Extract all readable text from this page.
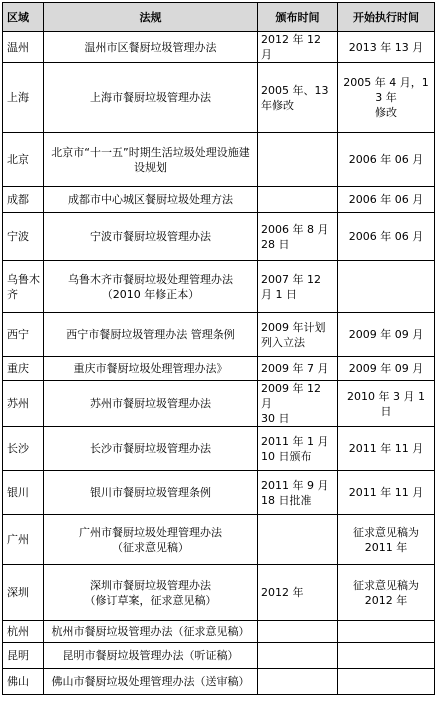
区域	法规	颁布时间	开始执行时间

温州	温州市区餐厨垃圾管理办法	2012 年 12 月	2013 年 13 月

上海	上海市餐厨垃圾管理办法	2005 年、13 年修改	2005 年 4 月，13 年
修改

北京	北京市“十一五”时期生活垃圾处理设施建设规划		2006 年 06 月

成都	成都市中心城区餐厨垃圾处理方法		2006 年 06 月

宁波	宁波市餐厨垃圾管理办法	2006 年 8 月 28 日	2006 年 06 月

乌鲁木齐	乌鲁木齐市餐厨垃圾处理管理办法
（2010 年修正本）	2007 年 12 月 1 日	

西宁	西宁市餐厨垃圾管理办法 管理条例	2009 年计划列入立法	2009 年 09 月

重庆	重庆市餐厨垃圾处理管理办法》	2009 年 7 月	2009 年 09 月

苏州	苏州市餐厨垃圾管理办法	2009 年 12 月
30 日	2010 年 3 月 1 日

长沙	长沙市餐厨垃圾管理办法	2011 年 1 月 10 日颁布	2011 年 11 月

银川	银川市餐厨垃圾管理条例	2011 年 9 月 18 日批准	2011 年 11 月

广州	广州市餐厨垃圾处理管理办法
（征求意见稿）		征求意见稿为
2011 年

深圳	深圳市餐厨垃圾管理办法
（修订草案，征求意见稿）	2012 年	征求意见稿为
2012 年

杭州	杭州市餐厨垃圾管理办法（征求意见稿）		

昆明	昆明市餐厨垃圾管理办法（听证稿）		

佛山	佛山市餐厨垃圾处理管理办法（送审稿）		
